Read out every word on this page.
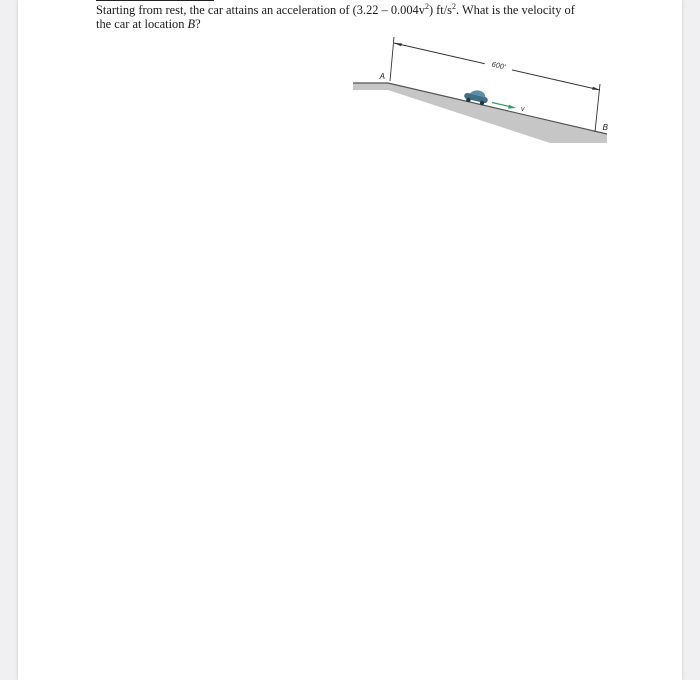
Starting from rest, the car attains an acceleration of $(3.22 - 0.004v^2)$ $ft/s^2$. What is the velocity of
the car at location B?
600'
A
B
v
